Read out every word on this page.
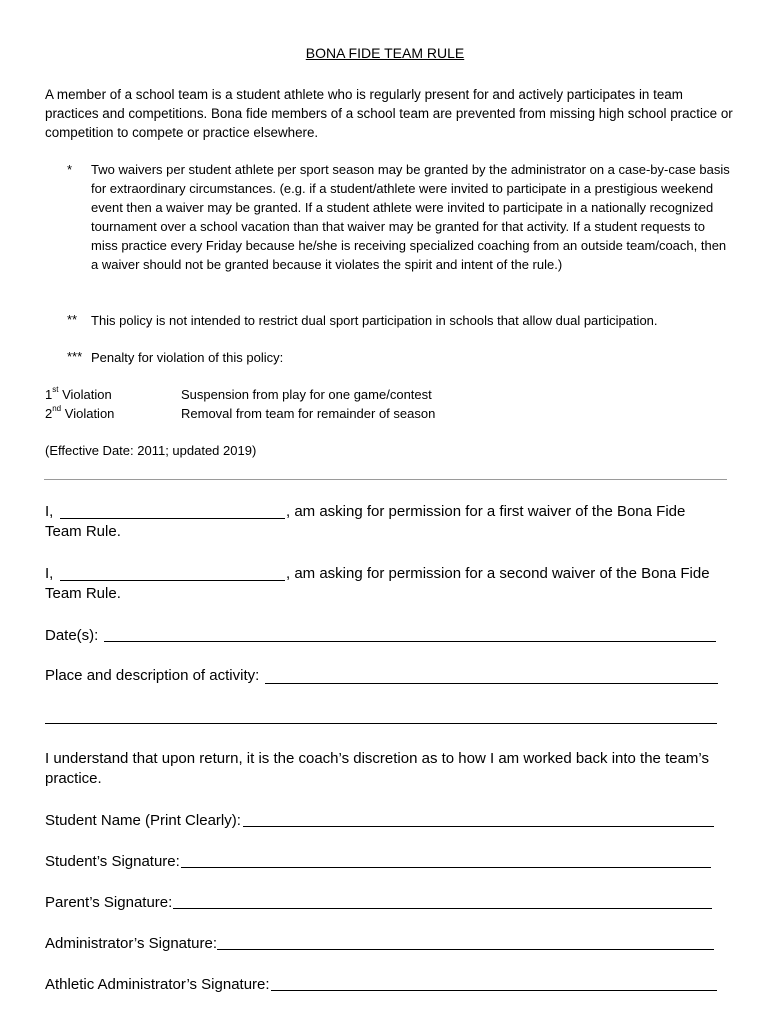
BONA FIDE TEAM RULE
A member of a school team is a student athlete who is regularly present for and actively participates in team practices and competitions. Bona fide members of a school team are prevented from missing high school practice or competition to compete or practice elsewhere.
* Two waivers per student athlete per sport season may be granted by the administrator on a case-by-case basis for extraordinary circumstances. (e.g. if a student/athlete were invited to participate in a prestigious weekend event then a waiver may be granted. If a student athlete were invited to participate in a nationally recognized tournament over a school vacation than that waiver may be granted for that activity. If a student requests to miss practice every Friday because he/she is receiving specialized coaching from an outside team/coach, then a waiver should not be granted because it violates the spirit and intent of the rule.)
** This policy is not intended to restrict dual sport participation in schools that allow dual participation.
*** Penalty for violation of this policy:
1st Violation	Suspension from play for one game/contest
2nd Violation	Removal from team for remainder of season
(Effective Date: 2011; updated 2019)
I,	, am asking for permission for a first waiver of the Bona Fide
Team Rule.
I,	, am asking for permission for a second waiver of the Bona Fide
Team Rule.
Date(s):
Place and description of activity:
I understand that upon return, it is the coach’s discretion as to how I am worked back into the team’s
practice.
Student Name (Print Clearly):
Student’s Signature:
Parent’s Signature:
Administrator’s Signature:
Athletic Administrator’s Signature:
